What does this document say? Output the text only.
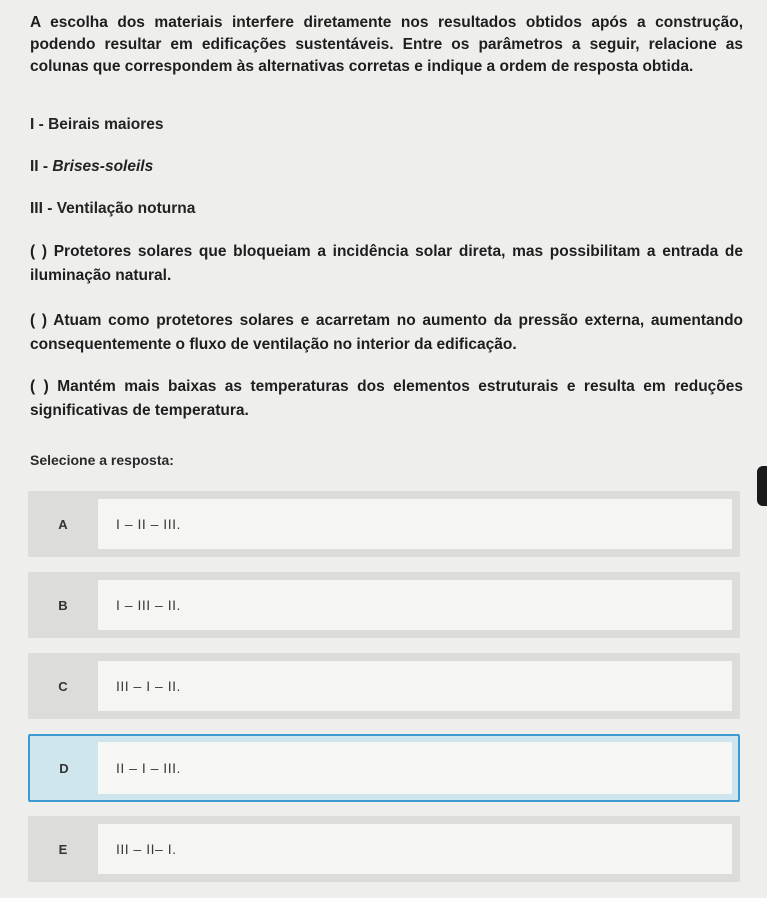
A escolha dos materiais interfere diretamente nos resultados obtidos após a construção, podendo resultar em edificações sustentáveis. Entre os parâmetros a seguir, relacione as colunas que correspondem às alternativas corretas e indique a ordem de resposta obtida.

I - Beirais maiores
II - Brises-soleils
III - Ventilação noturna
( ) Protetores solares que bloqueiam a incidência solar direta, mas possibilitam a entrada de iluminação natural.
( ) Atuam como protetores solares e acarretam no aumento da pressão externa, aumentando consequentemente o fluxo de ventilação no interior da edificação.
( ) Mantém mais baixas as temperaturas dos elementos estruturais e resulta em reduções significativas de temperatura.
Selecione a resposta:
A	I – II – III.
B	I – III – II.
C	III – I – II.
D	II – I – III.
E	III – II– I.
